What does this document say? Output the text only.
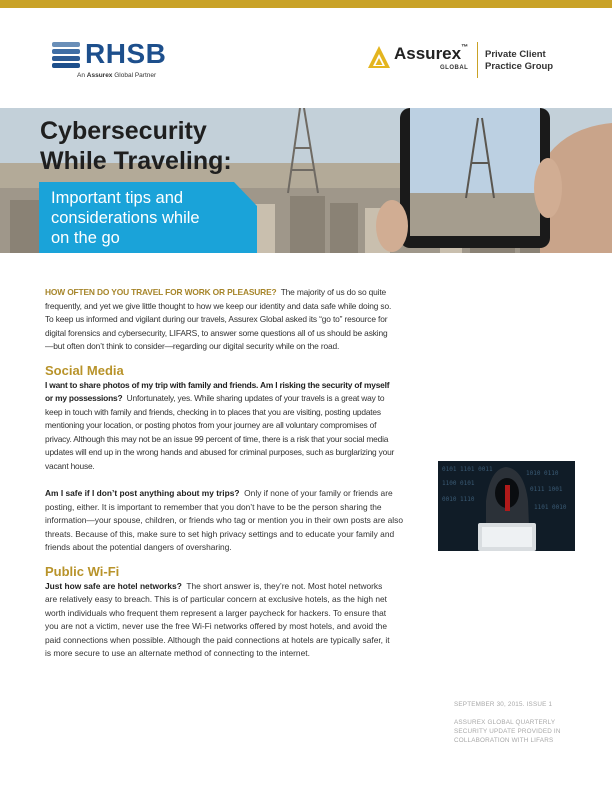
RHSB
An Assurex Global Partner
Assurex™
GLOBAL
Private Client Practice Group
Cybersecurity
While Traveling:
Important tips and
considerations while
on the go

HOW OFTEN DO YOU TRAVEL FOR WORK OR PLEASURE? The majority of us do so quite frequently, and yet we give little thought to how we keep our identity and data safe while doing so. To keep us informed and vigilant during our travels, Assurex Global asked its “go to” resource for digital forensics and cybersecurity, LIFARS, to answer some questions all of us should be asking—but often don’t think to consider—regarding our digital security while on the road.

Social Media

I want to share photos of my trip with family and friends. Am I risking the security of myself or my possessions? Unfortunately, yes. While sharing updates of your travels is a great way to keep in touch with family and friends, checking in to places that you are visiting, posting updates mentioning your location, or posting photos from your journey are all voluntary compromises of privacy. Although this may not be an issue 99 percent of time, there is a risk that your social media updates will end up in the wrong hands and abused for criminal purposes, such as burglarizing your vacant house.

Am I safe if I don’t post anything about my trips? Only if none of your family or friends are posting, either. It is important to remember that you don’t have to be the person sharing the information—your spouse, children, or friends who tag or mention you in their own posts are also threats. Because of this, make sure to set high privacy settings and to educate your family and friends about the potential dangers of oversharing.

Public Wi-Fi

Just how safe are hotel networks? The short answer is, they’re not. Most hotel networks are relatively easy to breach. This is of particular concern at exclusive hotels, as the high net worth individuals who frequent them represent a larger paycheck for hackers. To ensure that you are not a victim, never use the free Wi-Fi networks offered by most hotels, and avoid the paid connections when possible. Although the paid connections at hotels are typically safer, it is more secure to use an alternate method of connecting to the internet.

0101 1101 0011
1010 0110
1100 0101
0111 1001
0010 1110
1101 0010

SEPTEMBER 30, 2015. ISSUE 1

ASSUREX GLOBAL QUARTERLY SECURITY UPDATE PROVIDED IN COLLABORATION WITH LIFARS
